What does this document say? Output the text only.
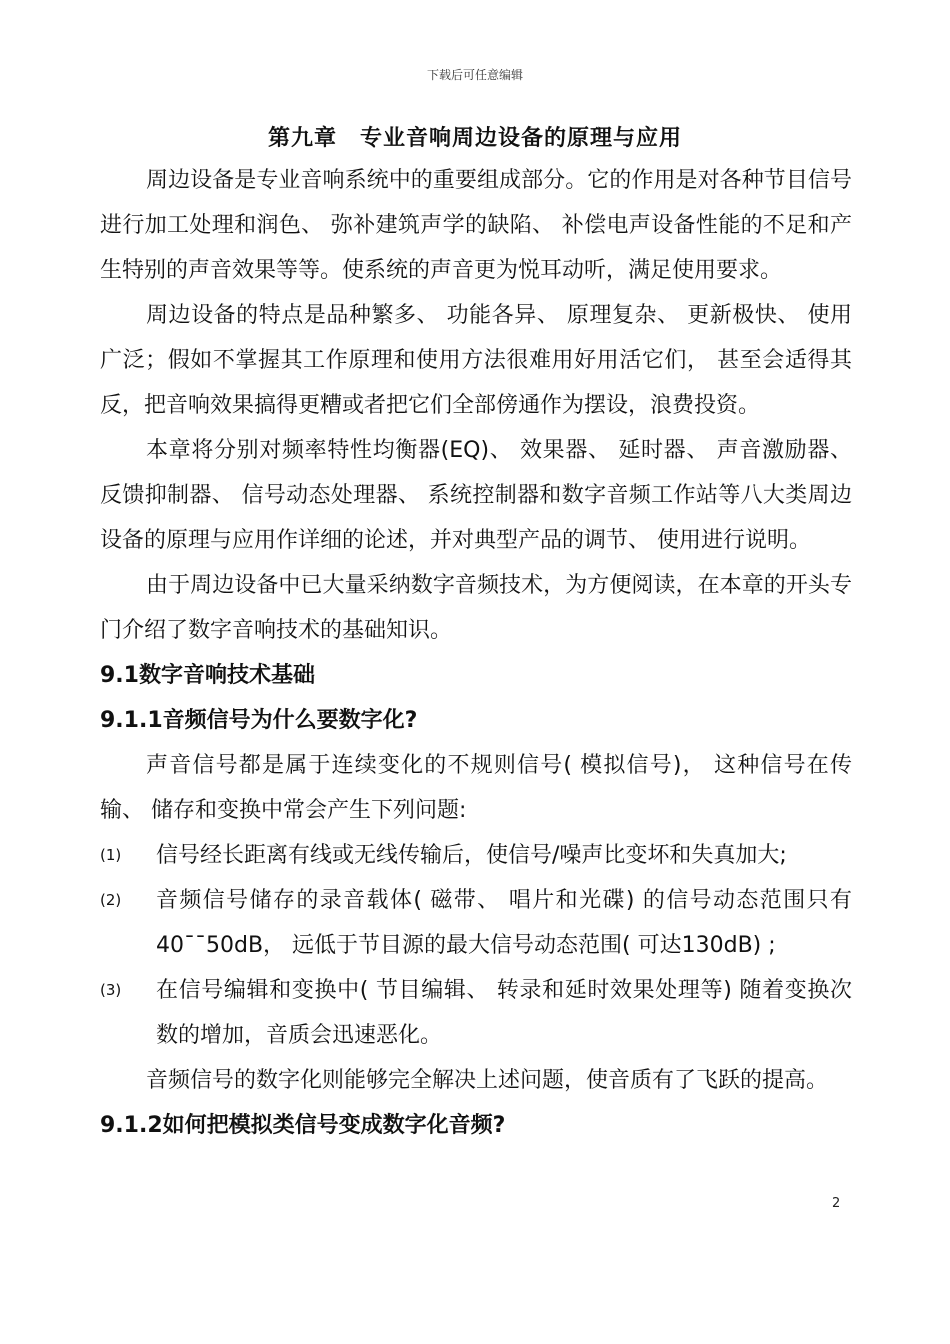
下载后可任意编辑
第九章　专业音响周边设备的原理与应用

周边设备是专业音响系统中的重要组成部分。它的作用是对各种节目信号进行加工处理和润色、 弥补建筑声学的缺陷、 补偿电声设备性能的不足和产生特别的声音效果等等。使系统的声音更为悦耳动听，满足使用要求。

周边设备的特点是品种繁多、 功能各异、 原理复杂、 更新极快、 使用广泛；假如不掌握其工作原理和使用方法很难用好用活它们， 甚至会适得其反，把音响效果搞得更糟或者把它们全部傍通作为摆设，浪费投资。

本章将分别对频率特性均衡器(EQ)、 效果器、 延时器、 声音激励器、 反馈抑制器、 信号动态处理器、 系统控制器和数字音频工作站等八大类周边设备的原理与应用作详细的论述，并对典型产品的调节、 使用进行说明。

由于周边设备中已大量采纳数字音频技术，为方便阅读，在本章的开头专门介绍了数字音响技术的基础知识。

9.1数字音响技术基础

9.1.1音频信号为什么要数字化?

声音信号都是属于连续变化的不规则信号( 模拟信号)， 这种信号在传输、 储存和变换中常会产生下列问题:

(1) 信号经长距离有线或无线传输后，使信号/噪声比变坏和失真加大;

(2) 音频信号储存的录音载体( 磁带、 唱片和光碟) 的信号动态范围只有40¯¯50dB， 远低于节目源的最大信号动态范围( 可达130dB) ;

(3) 在信号编辑和变换中( 节目编辑、 转录和延时效果处理等) 随着变换次数的增加，音质会迅速恶化。

音频信号的数字化则能够完全解决上述问题，使音质有了飞跃的提高。

9.1.2如何把模拟类信号变成数字化音频?

2
